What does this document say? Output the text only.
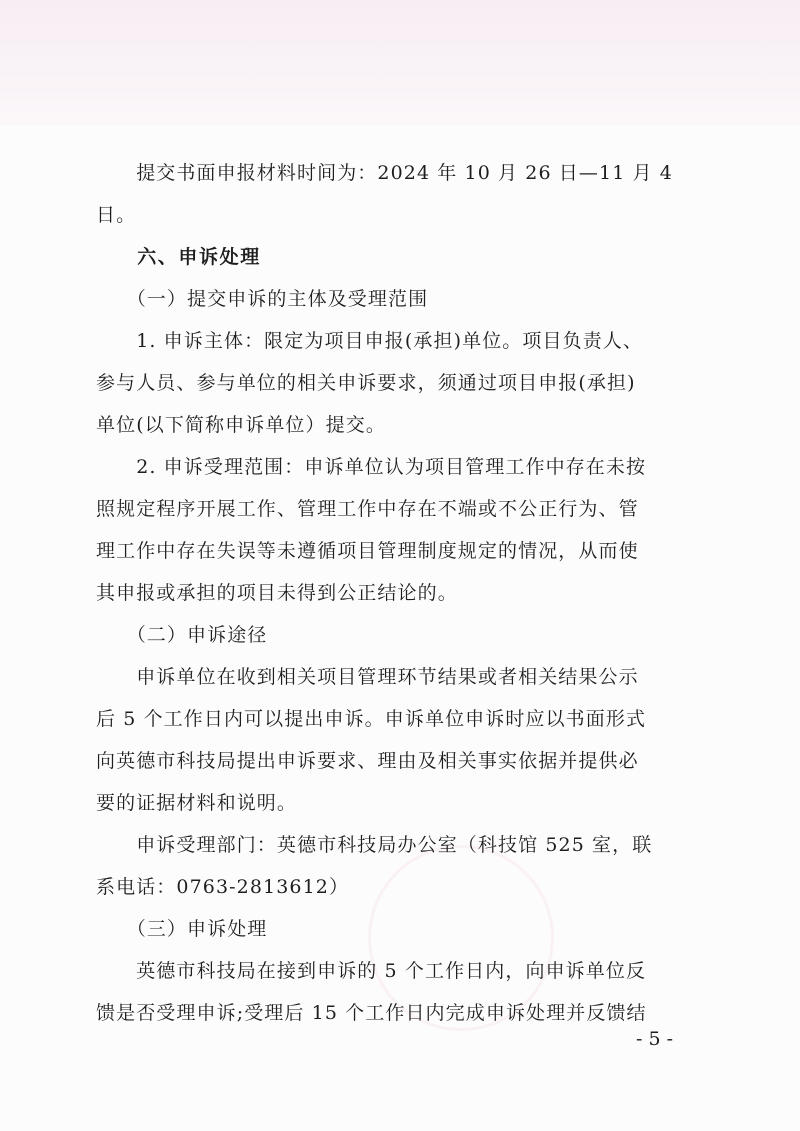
　　提交书面申报材料时间为：2024 年 10 月 26 日—11 月 4
日。
　　六、申诉处理
　　（一）提交申诉的主体及受理范围
　　1. 申诉主体：限定为项目申报(承担)单位。项目负责人、
参与人员、参与单位的相关申诉要求，须通过项目申报(承担)
单位(以下简称申诉单位）提交。
　　2. 申诉受理范围：申诉单位认为项目管理工作中存在未按
照规定程序开展工作、管理工作中存在不端或不公正行为、管
理工作中存在失误等未遵循项目管理制度规定的情况，从而使
其申报或承担的项目未得到公正结论的。
　　（二）申诉途径
　　申诉单位在收到相关项目管理环节结果或者相关结果公示
后 5 个工作日内可以提出申诉。申诉单位申诉时应以书面形式
向英德市科技局提出申诉要求、理由及相关事实依据并提供必
要的证据材料和说明。
　　申诉受理部门：英德市科技局办公室（科技馆 525 室，联
系电话：0763-2813612）
　　（三）申诉处理
　　英德市科技局在接到申诉的 5 个工作日内，向申诉单位反
馈是否受理申诉;受理后 15 个工作日内完成申诉处理并反馈结
- 5 -
